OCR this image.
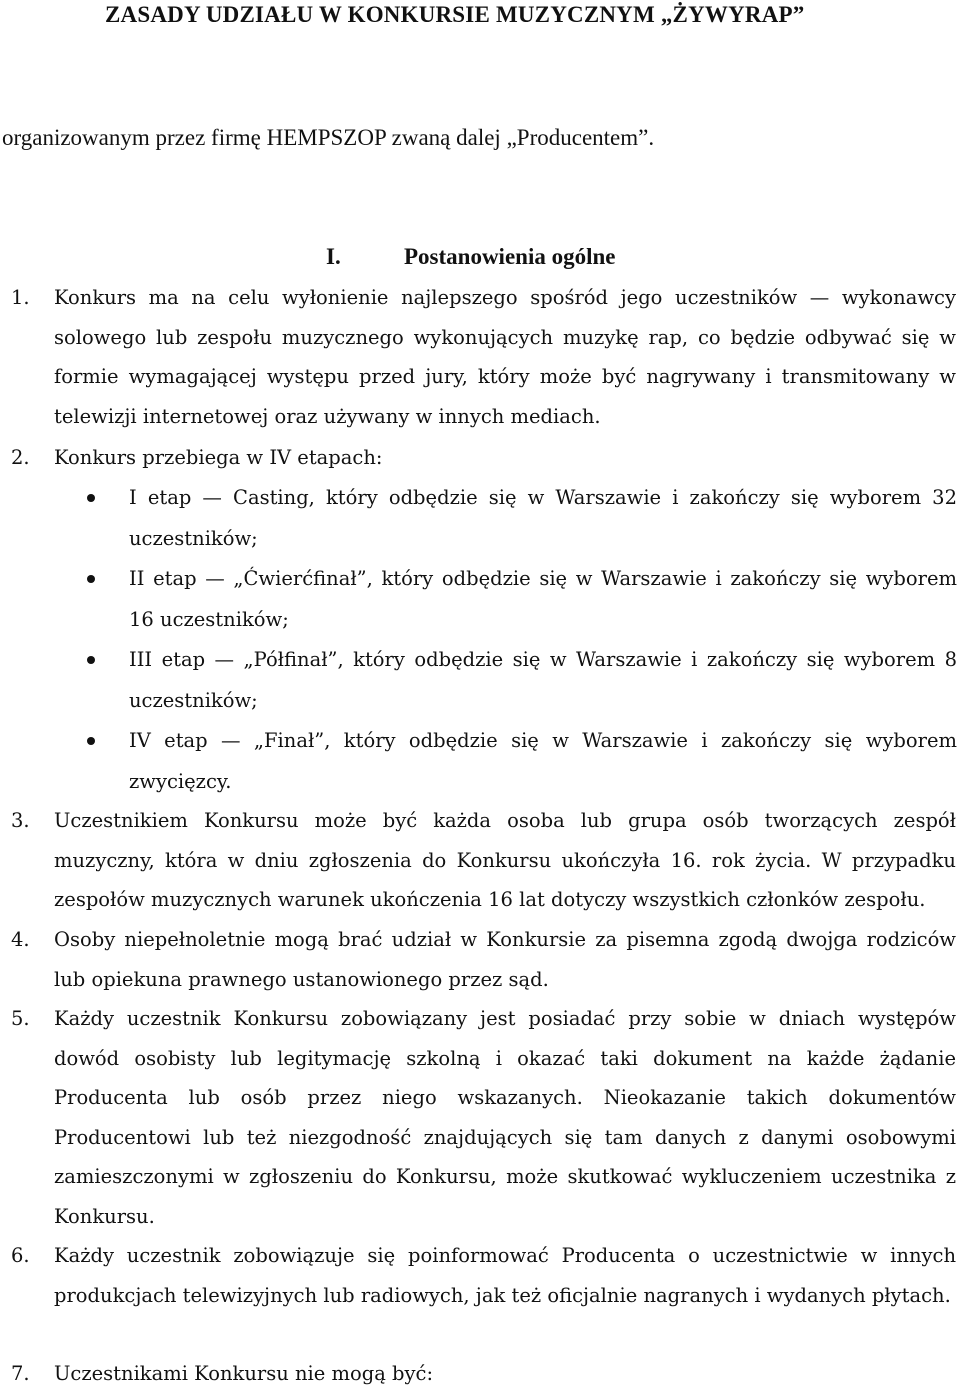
ZASADY UDZIAŁU W KONKURSIE MUZYCZNYM „ŻYWYRAP”
organizowanym przez firmę HEMPSZOP zwaną dalej „Producentem”.
I.	Postanowienia ogólne
1. Konkurs ma na celu wyłonienie najlepszego spośród jego uczestników — wykonawcy solowego lub zespołu muzycznego wykonujących muzykę rap, co będzie odbywać się w formie wymagającej występu przed jury, który może być nagrywany i transmitowany w telewizji internetowej oraz używany w innych mediach.

2. Konkurs przebiega w IV etapach:

I etap — Casting, który odbędzie się w Warszawie i zakończy się wyborem 32 uczestników;

II etap — „Ćwierćfinał”, który odbędzie się w Warszawie i zakończy się wyborem 16 uczestników;

III etap — „Półfinał”, który odbędzie się w Warszawie i zakończy się wyborem 8 uczestników;

IV etap — „Finał”, który odbędzie się w Warszawie i zakończy się wyborem zwycięzcy.

3. Uczestnikiem Konkursu może być każda osoba lub grupa osób tworzących zespół muzyczny, która w dniu zgłoszenia do Konkursu ukończyła 16. rok życia. W przypadku zespołów muzycznych warunek ukończenia 16 lat dotyczy wszystkich członków zespołu.

4. Osoby niepełnoletnie mogą brać udział w Konkursie za pisemna zgodą dwojga rodziców lub opiekuna prawnego ustanowionego przez sąd.

5. Każdy uczestnik Konkursu zobowiązany jest posiadać przy sobie w dniach występów dowód osobisty lub legitymację szkolną i okazać taki dokument na każde żądanie Producenta lub osób przez niego wskazanych. Nieokazanie takich dokumentów Producentowi lub też niezgodność znajdujących się tam danych z danymi osobowymi zamieszczonymi w zgłoszeniu do Konkursu, może skutkować wykluczeniem uczestnika z Konkursu.

6. Każdy uczestnik zobowiązuje się poinformować Producenta o uczestnictwie w innych produkcjach telewizyjnych lub radiowych, jak też oficjalnie nagranych i wydanych płytach.

7. Uczestnikami Konkursu nie mogą być:
